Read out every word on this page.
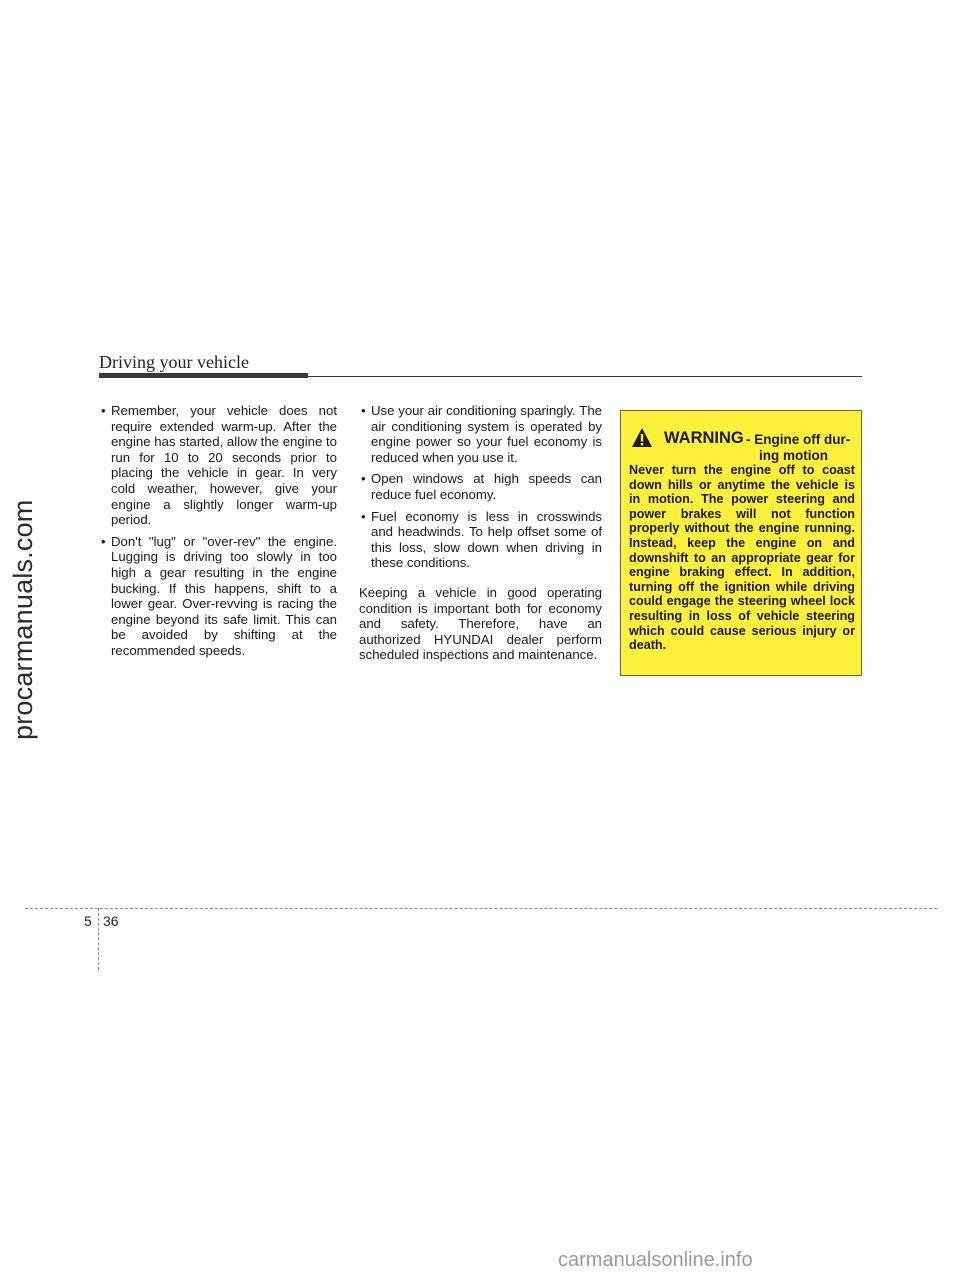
procarmanuals.com
Driving your vehicle
• Remember, your vehicle does not require extended warm-up. After the engine has started, allow the engine to run for 10 to 20 seconds prior to placing the vehicle in gear. In very cold weather, however, give your engine a slightly longer warm-up period.
• Don't "lug" or "over-rev" the engine. Lugging is driving too slowly in too high a gear resulting in the engine bucking. If this happens, shift to a lower gear. Over-revving is racing the engine beyond its safe limit. This can be avoided by shifting at the recommended speeds.
• Use your air conditioning sparingly. The air conditioning system is operated by engine power so your fuel economy is reduced when you use it.
• Open windows at high speeds can reduce fuel economy.
• Fuel economy is less in crosswinds and headwinds. To help offset some of this loss, slow down when driving in these conditions.
Keeping a vehicle in good operating condition is important both for economy and safety. Therefore, have an authorized HYUNDAI dealer perform scheduled inspections and maintenance.
WARNING - Engine off dur-
ing motion
Never turn the engine off to coast down hills or anytime the vehicle is in motion. The power steering and power brakes will not function properly without the engine running. Instead, keep the engine on and downshift to an appropriate gear for engine braking effect. In addition, turning off the ignition while driving could engage the steering wheel lock resulting in loss of vehicle steering which could cause serious injury or death.
5 36
carmanualsonline.info
